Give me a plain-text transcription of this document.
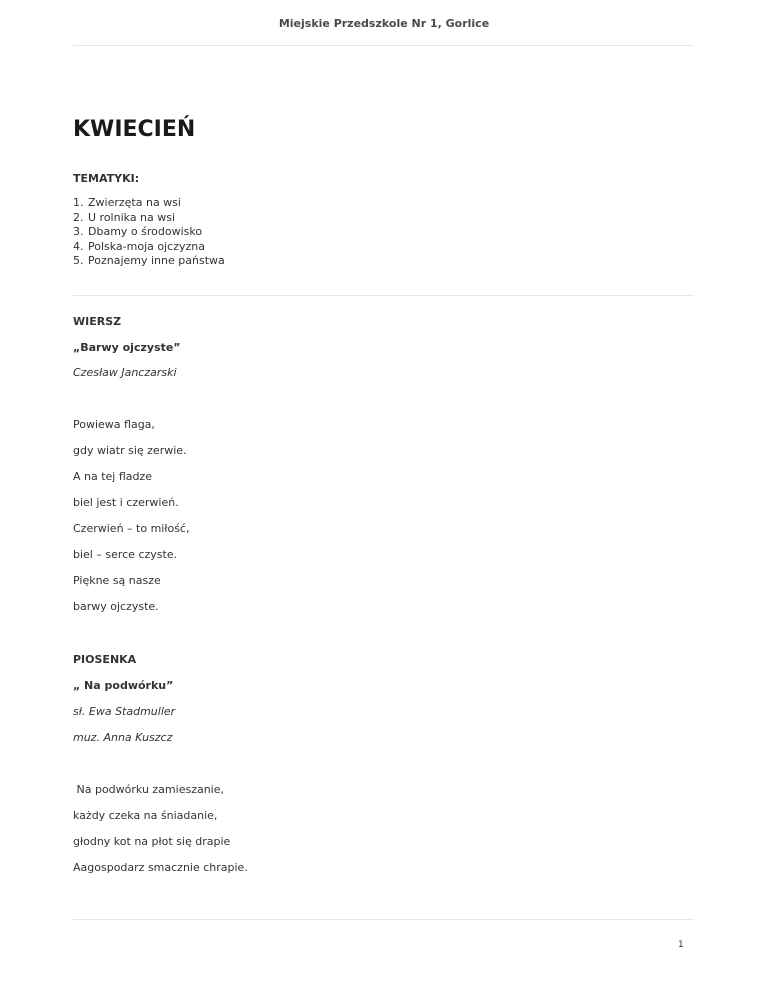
Miejskie Przedszkole Nr 1, Gorlice
KWIECIEŃ
TEMATYKI:
1. Zwierzęta na wsi
2. U rolnika na wsi
3. Dbamy o środowisko
4. Polska-moja ojczyzna
5. Poznajemy inne państwa
WIERSZ
„Barwy ojczyste”
Czesław Janczarski
Powiewa flaga,
gdy wiatr się zerwie.
A na tej fladze
biel jest i czerwień.
Czerwień – to miłość,
biel – serce czyste.
Piękne są nasze
barwy ojczyste.
PIOSENKA
„ Na podwórku”
sł. Ewa Stadmuller
muz. Anna Kuszcz
Na podwórku zamieszanie,
każdy czeka na śniadanie,
głodny kot na płot się drapie
Aagospodarz smacznie chrapie.
1
